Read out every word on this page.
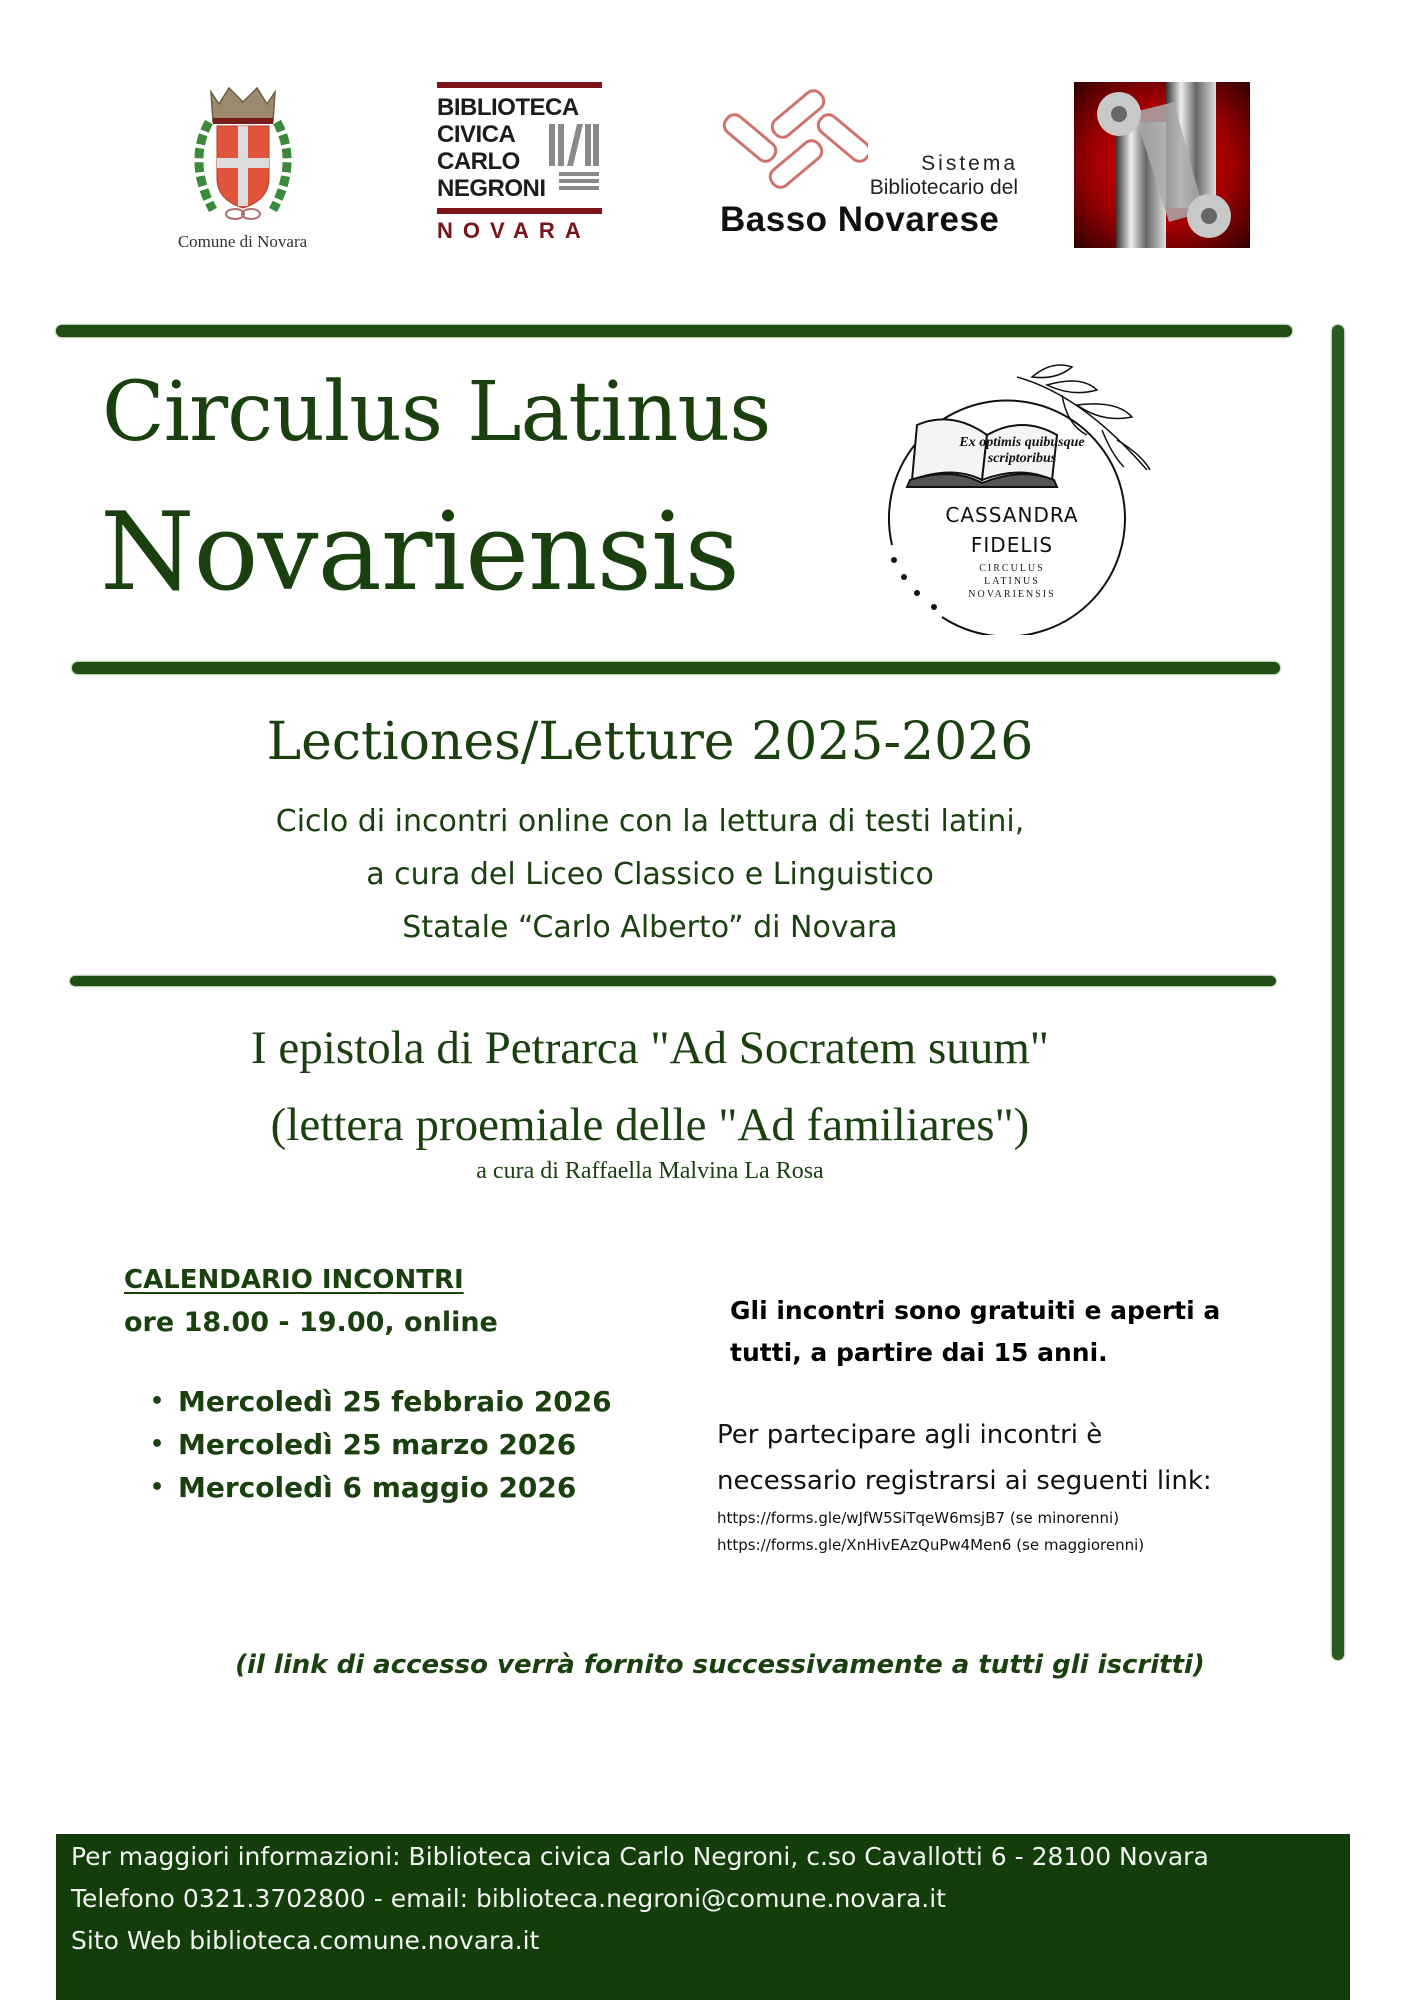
Comune di Novara
BIBLIOTECA
CIVICA
CARLO
NEGRONI
NOVARA
Sistema
Bibliotecario del
Basso Novarese
Circulus Latinus
Novariensis
Ex optimis quibusque
scriptoribus
CASSANDRA
FIDELIS
CIRCULUS
LATINUS
NOVARIENSIS
Lectiones/Letture 2025-2026
Ciclo di incontri online con la lettura di testi latini,
a cura del Liceo Classico e Linguistico
Statale “Carlo Alberto” di Novara
I epistola di Petrarca "Ad Socratem suum"
(lettera proemiale delle "Ad familiares")
a cura di Raffaella Malvina La Rosa
CALENDARIO INCONTRI
ore 18.00 - 19.00, online
• Mercoledì 25 febbraio 2026
• Mercoledì 25 marzo 2026
• Mercoledì 6 maggio 2026
Gli incontri sono gratuiti e aperti a
tutti, a partire dai 15 anni.
Per partecipare agli incontri è
necessario registrarsi ai seguenti link:
https://forms.gle/wJfW5SiTqeW6msjB7 (se minorenni)
https://forms.gle/XnHivEAzQuPw4Men6 (se maggiorenni)
(il link di accesso verrà fornito successivamente a tutti gli iscritti)
Per maggiori informazioni: Biblioteca civica Carlo Negroni, c.so Cavallotti 6 - 28100 Novara
Telefono 0321.3702800 - email: biblioteca.negroni@comune.novara.it
Sito Web biblioteca.comune.novara.it
